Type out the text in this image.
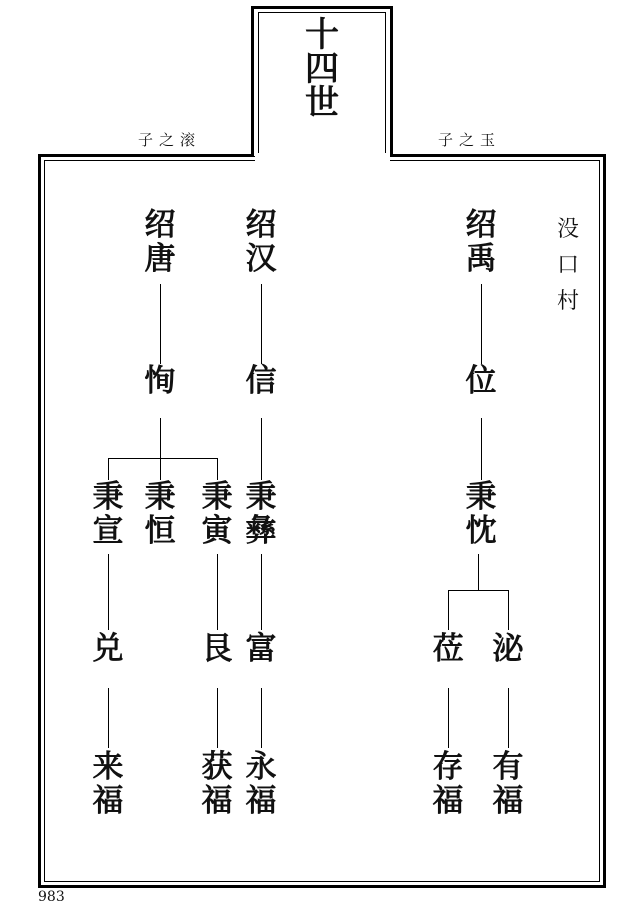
十
四
世
子之滚	子之玉
没
口
村
绍唐
绍汉
绍禹
恂 信	位
秉宣
秉恒
秉寅
秉彝
秉忱
兑	艮 富	莅 泌
来福
获福
永福
存福
有福
983
